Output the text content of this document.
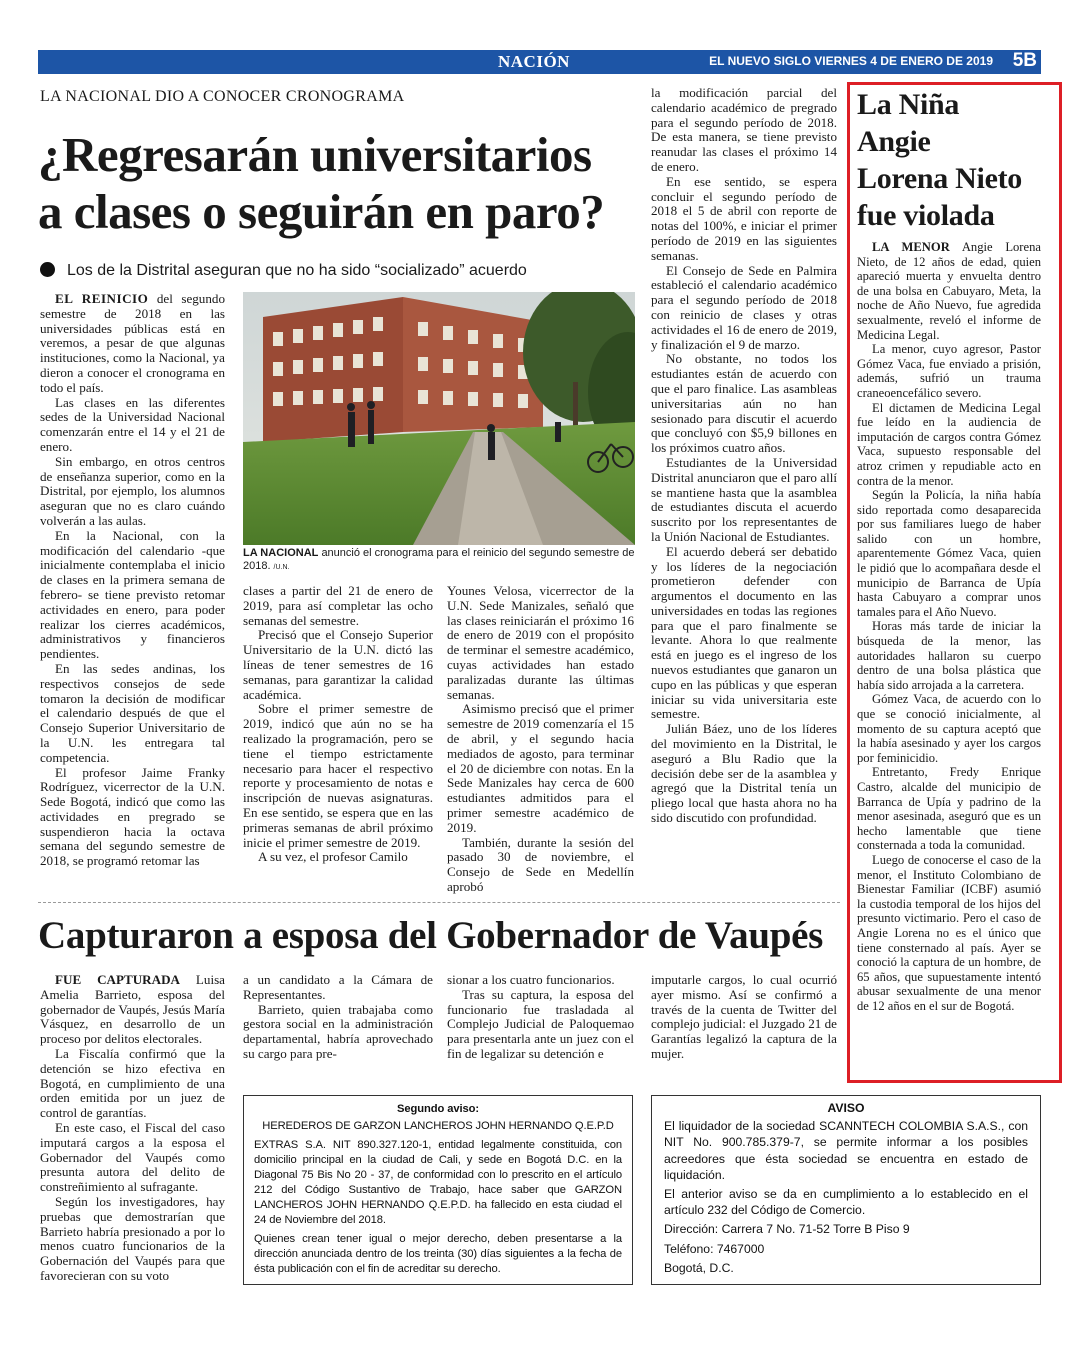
NACIÓN	EL NUEVO SIGLO VIERNES 4 DE ENERO DE 2019 5B
LA NACIONAL DIO A CONOCER CRONOGRAMA
¿Regresarán universitarios
a clases o seguirán en paro?
Los de la Distrital aseguran que no ha sido “socializado” acuerdo

EL REINICIO del segundo semestre de 2018 en las universidades públicas está en veremos, a pesar de que algunas instituciones, como la Nacional, ya dieron a conocer el cronograma en todo el país.

Las clases en las diferentes sedes de la Universidad Nacional comenzarán entre el 14 y el 21 de enero.

Sin embargo, en otros centros de enseñanza superior, como en la Distrital, por ejemplo, los alumnos aseguran que no es claro cuándo volverán a las aulas.

En la Nacional, con la modificación del calendario -que inicialmente contemplaba el inicio de clases en la primera semana de febrero- se tiene previsto retomar actividades en enero, para poder realizar los cierres académicos, administrativos y financieros pendientes.

En las sedes andinas, los respectivos consejos de sede tomaron la decisión de modificar el calendario después de que el Consejo Superior Universitario de la U.N. les entregara tal competencia.

El profesor Jaime Franky Rodríguez, vicerrector de la U.N. Sede Bogotá, indicó que como las actividades en pregrado se suspendieron hacia la octava semana del segundo semestre de 2018, se programó retomar las

LA NACIONAL anunció el cronograma para el reinicio del segundo semestre de 2018. /U.N.

clases a partir del 21 de enero de 2019, para así completar las ocho semanas del semestre.

Precisó que el Consejo Superior Universitario de la U.N. dictó las líneas de tener semestres de 16 semanas, para garantizar la calidad académica.

Sobre el primer semestre de 2019, indicó que aún no se ha realizado la programación, pero se tiene el tiempo estrictamente necesario para hacer el respectivo reporte y procesamiento de notas e inscripción de nuevas asignaturas. En ese sentido, se espera que en las primeras semanas de abril próximo inicie el primer semestre de 2019.

A su vez, el profesor Camilo

Younes Velosa, vicerrector de la U.N. Sede Manizales, señaló que las clases reiniciarán el próximo 16 de enero de 2019 con el propósito de terminar el semestre académico, cuyas actividades han estado paralizadas durante las últimas semanas.

Asimismo precisó que el primer semestre de 2019 comenzaría el 15 de abril, y el segundo hacia mediados de agosto, para terminar el 20 de diciembre con notas. En la Sede Manizales hay cerca de 600 estudiantes admitidos para el primer semestre académico de 2019.

También, durante la sesión del pasado 30 de noviembre, el Consejo de Sede en Medellín aprobó

la modificación parcial del calendario académico de pregrado para el segundo período de 2018. De esta manera, se tiene previsto reanudar las clases el próximo 14 de enero.

En ese sentido, se espera concluir el segundo período de 2018 el 5 de abril con reporte de notas del 100%, e iniciar el primer período de 2019 en las siguientes semanas.

El Consejo de Sede en Palmira estableció el calendario académico para el segundo período de 2018 con reinicio de clases y otras actividades el 16 de enero de 2019, y finalización el 9 de marzo.

No obstante, no todos los estudiantes están de acuerdo con que el paro finalice. Las asambleas universitarias aún no han sesionado para discutir el acuerdo que concluyó con $5,9 billones en los próximos cuatro años.

Estudiantes de la Universidad Distrital anunciaron que el paro allí se mantiene hasta que la asamblea de estudiantes discuta el acuerdo suscrito por los representantes de la Unión Nacional de Estudiantes.

El acuerdo deberá ser debatido y los líderes de la negociación prometieron defender con argumentos el documento en las universidades en todas las regiones para que el paro finalmente se levante. Ahora lo que realmente está en juego es el ingreso de los nuevos estudiantes que ganaron un cupo en las públicas y que esperan iniciar su vida universitaria este semestre.

Julián Báez, uno de los líderes del movimiento en la Distrital, le aseguró a Blu Radio que la decisión debe ser de la asamblea y agregó que la Distrital tenía un pliego local que hasta ahora no ha sido discutido con profundidad.

La Niña
Angie
Lorena Nieto
fue violada

LA MENOR Angie Lorena Nieto, de 12 años de edad, quien apareció muerta y envuelta dentro de una bolsa en Cabuyaro, Meta, la noche de Año Nuevo, fue agredida sexualmente, reveló el informe de Medicina Legal.

La menor, cuyo agresor, Pastor Gómez Vaca, fue enviado a prisión, además, sufrió un trauma craneoencefálico severo.

El dictamen de Medicina Legal fue leído en la audiencia de imputación de cargos contra Gómez Vaca, supuesto responsable del atroz crimen y repudiable acto en contra de la menor.

Según la Policía, la niña había sido reportada como desaparecida por sus familiares luego de haber salido con un hombre, aparentemente Gómez Vaca, quien le pidió que lo acompañara desde el municipio de Barranca de Upía hasta Cabuyaro a comprar unos tamales para el Año Nuevo.

Horas más tarde de iniciar la búsqueda de la menor, las autoridades hallaron su cuerpo dentro de una bolsa plástica que había sido arrojada a la carretera.

Gómez Vaca, de acuerdo con lo que se conoció inicialmente, al momento de su captura aceptó que la había asesinado y ayer los cargos por feminicidio.

Entretanto, Fredy Enrique Castro, alcalde del municipio de Barranca de Upía y padrino de la menor asesinada, aseguró que es un hecho lamentable que tiene consternada a toda la comunidad.

Luego de conocerse el caso de la menor, el Instituto Colombiano de Bienestar Familiar (ICBF) asumió la custodia temporal de los hijos del presunto victimario. Pero el caso de Angie Lorena no es el único que tiene consternado al país. Ayer se conoció la captura de un hombre, de 65 años, que supuestamente intentó abusar sexualmente de una menor de 12 años en el sur de Bogotá.

Capturaron a esposa del Gobernador de Vaupés

FUE CAPTURADA Luisa Amelia Barrieto, esposa del gobernador de Vaupés, Jesús María Vásquez, en desarrollo de un proceso por delitos electorales.

La Fiscalía confirmó que la detención se hizo efectiva en Bogotá, en cumplimiento de una orden emitida por un juez de control de garantías.

En este caso, el Fiscal del caso imputará cargos a la esposa el Gobernador del Vaupés como presunta autora del delito de constreñimiento al sufragante.

Según los investigadores, hay pruebas que demostrarían que Barrieto habría presionado a por lo menos cuatro funcionarios de la Gobernación del Vaupés para que favorecieran con su voto

a un candidato a la Cámara de Representantes.

Barrieto, quien trabajaba como gestora social en la administración departamental, habría aprovechado su cargo para pre-

sionar a los cuatro funcionarios.

Tras su captura, la esposa del funcionario fue trasladada al Complejo Judicial de Paloquemao para presentarla ante un juez con el fin de legalizar su detención e

imputarle cargos, lo cual ocurrió ayer mismo. Así se confirmó a través de la cuenta de Twitter del complejo judicial: el Juzgado 21 de Garantías legalizó la captura de la mujer.

Segundo aviso:
HEREDEROS DE GARZON LANCHEROS JOHN HERNANDO Q.E.P.D
EXTRAS S.A. NIT 890.327.120-1, entidad legalmente constituida, con domicilio principal en la ciudad de Cali, y sede en Bogotá D.C. en la Diagonal 75 Bis No 20 - 37, de conformidad con lo prescrito en el artículo 212 del Código Sustantivo de Trabajo, hace saber que GARZON LANCHEROS JOHN HERNANDO Q.E.P.D. ha fallecido en esta ciudad el 24 de Noviembre del 2018.
Quienes crean tener igual o mejor derecho, deben presentarse a la dirección anunciada dentro de los treinta (30) días siguientes a la fecha de ésta publicación con el fin de acreditar su derecho.
AVISO
El liquidador de la sociedad SCANNTECH COLOMBIA S.A.S., con NIT No. 900.785.379-7, se permite informar a los posibles acreedores que ésta sociedad se encuentra en estado de liquidación.
El anterior aviso se da en cumplimiento a lo establecido en el artículo 232 del Código de Comercio.
Dirección: Carrera 7 No. 71-52 Torre B Piso 9
Teléfono: 7467000
Bogotá, D.C.
